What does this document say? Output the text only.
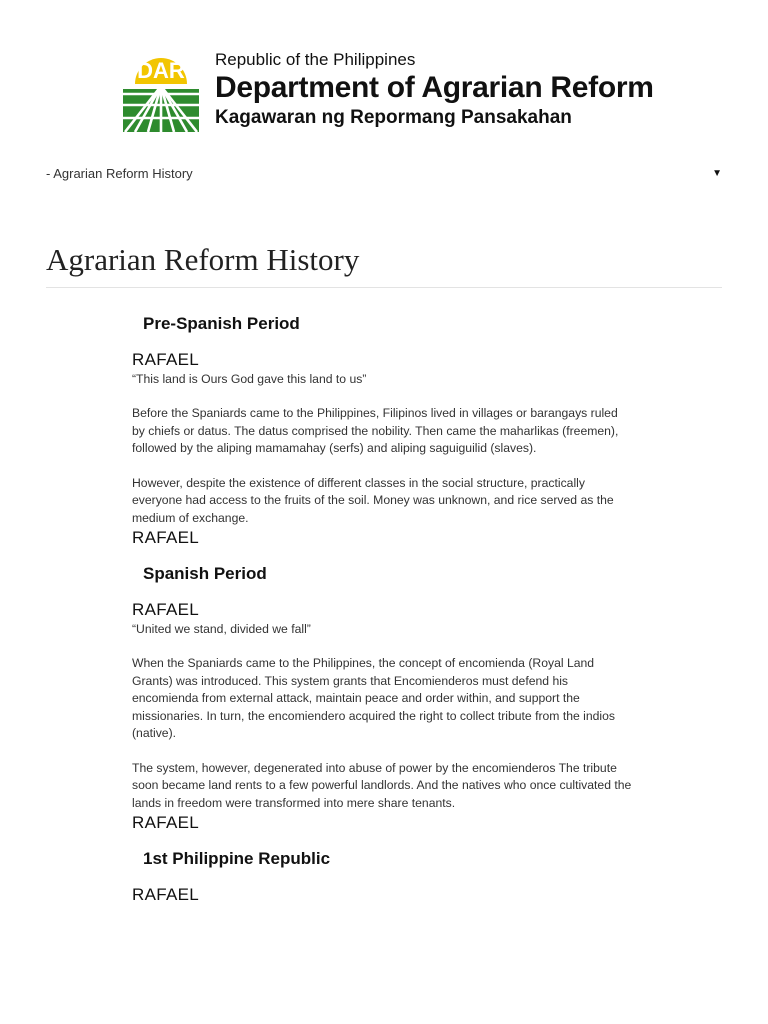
DAR Republic of the Philippines
Department of Agrarian Reform
Kagawaran ng Repormang Pansakahan
- Agrarian Reform History	▼
Agrarian Reform History
Pre-Spanish Period
RAFAEL
“This land is Ours God gave this land to us”

Before the Spaniards came to the Philippines, Filipinos lived in villages or barangays ruled by chiefs or datus. The datus comprised the nobility. Then came the maharlikas (freemen), followed by the aliping mamamahay (serfs) and aliping saguiguilid (slaves).

However, despite the existence of different classes in the social structure, practically everyone had access to the fruits of the soil. Money was unknown, and rice served as the medium of exchange.

RAFAEL
Spanish Period
RAFAEL
“United we stand, divided we fall”

When the Spaniards came to the Philippines, the concept of encomienda (Royal Land Grants) was introduced. This system grants that Encomienderos must defend his encomienda from external attack, maintain peace and order within, and support the missionaries. In turn, the encomiendero acquired the right to collect tribute from the indios (native).

The system, however, degenerated into abuse of power by the encomienderos The tribute soon became land rents to a few powerful landlords. And the natives who once cultivated the lands in freedom were transformed into mere share tenants.

RAFAEL
1st Philippine Republic
RAFAEL
